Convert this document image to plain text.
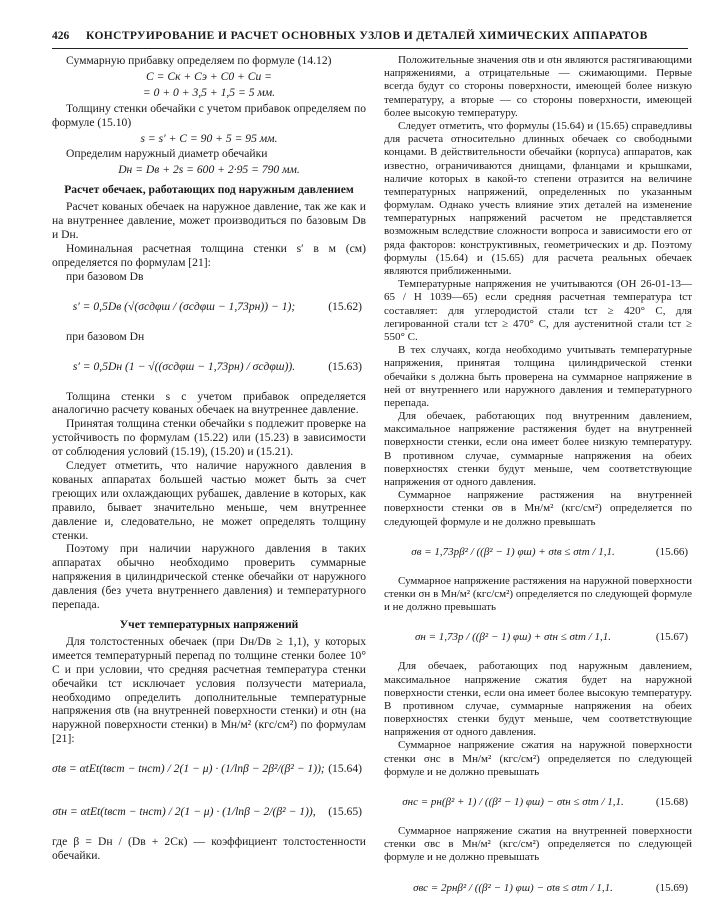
426 КОНСТРУИРОВАНИЕ И РАСЧЕТ ОСНОВНЫХ УЗЛОВ И ДЕТАЛЕЙ ХИМИЧЕСКИХ АППАРАТОВ

Суммарную прибавку определяем по формуле (14.12)

C = Cк + Cэ + C0 + Cи =
= 0 + 0 + 3,5 + 1,5 = 5 мм.

Толщину стенки обечайки с учетом прибавок определяем по формуле (15.10)

s = s′ + C = 90 + 5 = 95 мм.

Определим наружный диаметр обечайки

Dн = Dв + 2s = 600 + 2·95 = 790 мм.
Расчет обечаек, работающих под наружным давлением

Расчет кованых обечаек на наружное давление, так же как и на внутреннее давление, может производиться по базовым Dв и Dн.

Номинальная расчетная толщина стенки s′ в м (см) определяется по формулам [21]:

при базовом Dв

s′ = 0,5Dв (√(σсдφш / (σсдφш − 1,73pн)) − 1);	(15.62)

при базовом Dн

s′ = 0,5Dн (1 − √((σсдφш − 1,73pн) / σсдφш)).	(15.63)

Толщина стенки s с учетом прибавок определяется аналогично расчету кованых обечаек на внутреннее давление.

Принятая толщина стенки обечайки s подлежит проверке на устойчивость по формулам (15.22) или (15.23) в зависимости от соблюдения условий (15.19), (15.20) и (15.21).

Следует отметить, что наличие наружного давления в кованых аппаратах большей частью может быть за счет греющих или охлаждающих рубашек, давление в которых, как правило, бывает значительно меньше, чем внутреннее давление и, следовательно, не может определять толщину стенки.

Поэтому при наличии наружного давления в таких аппаратах обычно необходимо проверить суммарные напряжения в цилиндрической стенке обечайки от наружного давления (без учета внутреннего давления) и температурного перепада.

Учет температурных напряжений

Для толстостенных обечаек (при Dн/Dв ≥ 1,1), у которых имеется температурный перепад по толщине стенки более 10° C и при условии, что средняя расчетная температура стенки обечайки tст исключает условия ползучести материала, необходимо определить дополнительные температурные напряжения σtв (на внутренней поверхности стенки) и σtн (на наружной поверхности стенки) в Мн/м² (кгс/см²) по формулам [21]:

σtв = αtEt(tвст − tнст) / 2(1 − μ) · (1/lnβ − 2β²/(β² − 1)); (15.64)
σtн = αtEt(tвст − tнст) / 2(1 − μ) · (1/lnβ − 2/(β² − 1)), (15.65)

где β = Dн / (Dв + 2Cк) — коэффициент толстостенности обечайки.

Положительные значения σtв и σtн являются растягивающими напряжениями, а отрицательные — сжимающими. Первые всегда будут со стороны поверхности, имеющей более низкую температуру, а вторые — со стороны поверхности, имеющей более высокую температуру.

Следует отметить, что формулы (15.64) и (15.65) справедливы для расчета относительно длинных обечаек со свободными концами. В действительности обечайки (корпуса) аппаратов, как известно, ограничиваются днищами, фланцами и крышками, наличие которых в какой-то степени отразится на величине температурных напряжений, определенных по указанным формулам. Однако учесть влияние этих деталей на изменение температурных напряжений расчетом не представляется возможным вследствие сложности вопроса и зависимости его от ряда факторов: конструктивных, геометрических и др. Поэтому формулы (15.64) и (15.65) для расчета реальных обечаек являются приближенными.

Температурные напряжения не учитываются (ОН 26-01-13—65 / Н 1039—65) если средняя расчетная температура tст составляет: для углеродистой стали tст ≥ 420° C, для легированной стали tст ≥ 470° C, для аустенитной стали tст ≥ 550° C.

В тех случаях, когда необходимо учитывать температурные напряжения, принятая толщина цилиндрической стенки обечайки s должна быть проверена на суммарное напряжение в ней от внутреннего или наружного давления и температурного перепада.

Для обечаек, работающих под внутренним давлением, максимальное напряжение растяжения будет на внутренней поверхности стенки, если она имеет более низкую температуру. В противном случае, суммарные напряжения на обеих поверхностях стенки будут меньше, чем соответствующие напряжения от одного давления.

Суммарное напряжение растяжения на внутренней поверхности стенки σв в Мн/м² (кгс/см²) определяется по следующей формуле и не должно превышать

σв = 1,73pβ² / ((β² − 1) φш) + σtв ≤ σtт / 1,1.	(15.66)

Суммарное напряжение растяжения на наружной поверхности стенки σн в Мн/м² (кгс/см²) определяется по следующей формуле и не должно превышать

σн = 1,73p / ((β² − 1) φш) + σtн ≤ σtт / 1,1.	(15.67)

Для обечаек, работающих под наружным давлением, максимальное напряжение сжатия будет на наружной поверхности стенки, если она имеет более высокую температуру. В противном случае, суммарные напряжения на обеих поверхностях стенки будут меньше, чем соответствующие напряжения от одного давления.

Суммарное напряжение сжатия на наружной поверхности стенки σнс в Мн/м² (кгс/см²) определяется по следующей формуле и не должно превышать

σнс = pн(β² + 1) / ((β² − 1) φш) − σtн ≤ σtт / 1,1.	(15.68)

Суммарное напряжение сжатия на внутренней поверхности стенки σвс в Мн/м² (кгс/см²) определяется по следующей формуле и не должно превышать

σвс = 2pнβ² / ((β² − 1) φш) − σtв ≤ σtт / 1,1.	(15.69)
